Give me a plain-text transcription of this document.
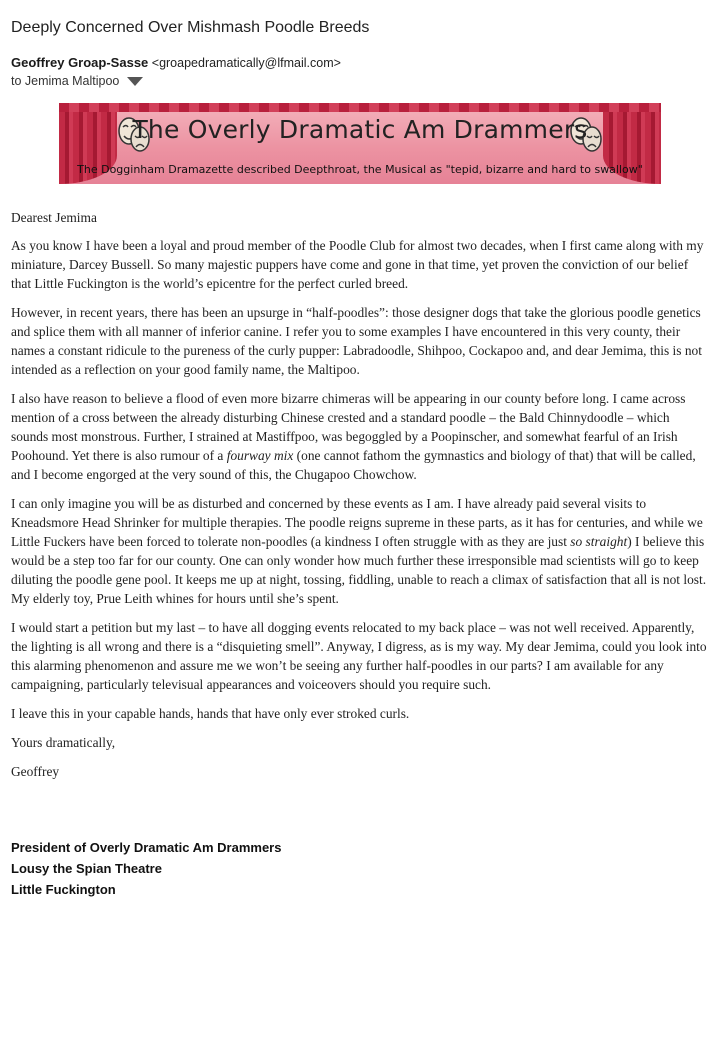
Deeply Concerned Over Mishmash Poodle Breeds
Geoffrey Groap-Sasse <groapedramatically@lfmail.com>
to Jemima Maltipoo
The Overly Dramatic Am Drammers
The Dogginham Dramazette described Deepthroat, the Musical as "tepid, bizarre and hard to swallow"

Dearest Jemima

As you know I have been a loyal and proud member of the Poodle Club for almost two decades, when I first came along with my miniature, Darcey Bussell. So many majestic puppers have come and gone in that time, yet proven the conviction of our belief that Little Fuckington is the world’s epicentre for the perfect curled breed.

However, in recent years, there has been an upsurge in “half-poodles”: those designer dogs that take the glorious poodle genetics and splice them with all manner of inferior canine. I refer you to some examples I have encountered in this very county, their names a constant ridicule to the pureness of the curly pupper: Labradoodle, Shihpoo, Cockapoo and, and dear Jemima, this is not intended as a reflection on your good family name, the Maltipoo.

I also have reason to believe a flood of even more bizarre chimeras will be appearing in our county before long. I came across mention of a cross between the already disturbing Chinese crested and a standard poodle – the Bald Chinnydoodle – which sounds most monstrous. Further, I strained at Mastiffpoo, was begoggled by a Poopinscher, and somewhat fearful of an Irish Poohound. Yet there is also rumour of a fourway mix (one cannot fathom the gymnastics and biology of that) that will be called, and I become engorged at the very sound of this, the Chugapoo Chowchow.

I can only imagine you will be as disturbed and concerned by these events as I am. I have already paid several visits to Kneadsmore Head Shrinker for multiple therapies. The poodle reigns supreme in these parts, as it has for centuries, and while we Little Fuckers have been forced to tolerate non-poodles (a kindness I often struggle with as they are just so straight) I believe this would be a step too far for our county. One can only wonder how much further these irresponsible mad scientists will go to keep diluting the poodle gene pool. It keeps me up at night, tossing, fiddling, unable to reach a climax of satisfaction that all is not lost. My elderly toy, Prue Leith whines for hours until she’s spent.

I would start a petition but my last – to have all dogging events relocated to my back place – was not well received. Apparently, the lighting is all wrong and there is a “disquieting smell”. Anyway, I digress, as is my way. My dear Jemima, could you look into this alarming phenomenon and assure me we won’t be seeing any further half-poodles in our parts? I am available for any campaigning, particularly televisual appearances and voiceovers should you require such.

I leave this in your capable hands, hands that have only ever stroked curls.

Yours dramatically,

Geoffrey

President of Overly Dramatic Am Drammers
Lousy the Spian Theatre
Little Fuckington
